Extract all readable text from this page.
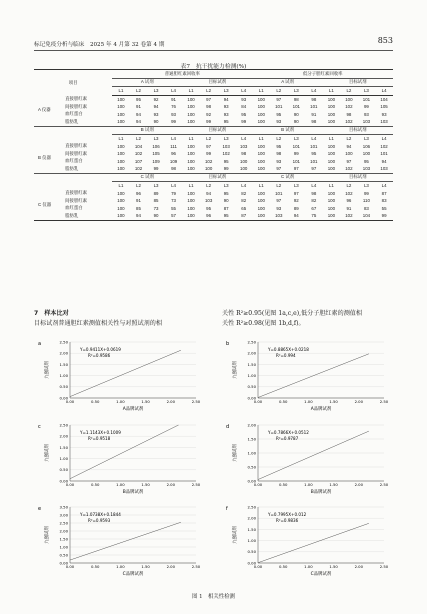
标记免疫分析与临床　2025 年 4 月第 32 卷第 4 期	853
表7　抗干扰能力检测(%)
项目		普通胆红素回收率								低分子胆红素回收率							
		A 试剂				目标试剂				A 试剂				目标试剂			
		L1	L2	L3	L4	L1	L2	L3	L4	L1	L2	L3	L4	L1	L2	L3	L4
A 仪器	直接胆红素	100	95	92	91	100	97	94	93	100	97	98	98	100	100	101	104
	间接胆红素	100	91	94	76	100	98	93	84	100	101	101	101	100	102	99	105
	血红蛋白	100	94	93	93	100	92	93	95	100	95	90	91	100	98	93	93
	脂肪乳	100	94	90	99	100	99	95	99	100	93	90	98	100	102	103	103
		B 试剂				目标试剂				B 试剂				目标试剂			
		L1	L2	L3	L4	L1	L2	L3	L4	L1	L2	L3	L4	L1	L2	L3	L4
B 仪器	直接胆红素	100	104	106	111	100	97	103	103	100	95	101	101	100	94	106	102
	间接胆红素	100	102	105	96	100	99	102	98	100	98	99	95	100	100	100	101
	血红蛋白	100	107	109	109	100	102	95	100	100	93	101	101	100	97	95	94
	脂肪乳	100	102	99	98	100	100	99	100	100	97	97	97	100	102	103	103
		C 试剂				目标试剂				C 试剂				目标试剂			
		L1	L2	L3	L4	L1	L2	L3	L4	L1	L2	L3	L4	L1	L2	L3	L4
C 仪器	直接胆红素	100	96	89	79	100	94	95	82	100	101	97	98	100	102	99	87
	间接胆红素	100	91	85	73	100	103	90	82	100	97	92	82	100	96	110	83
	血红蛋白	100	85	73	55	100	95	87	65	100	93	89	67	100	91	83	55
	脂肪乳	100	94	90	57	100	96	95	87	100	103	94	75	100	102	104	99
7　样本比对
目标试剂普通胆红素测值相关性与对照试剂的相
关性 R²≥0.95(见图 1a,c,e),低分子胆红素的测值相
关性 R²≥0.98(见图 1b,d,f)。
a
0.00
0.50
1.00
1.50
2.00
2.50
0.00	0.50	1.00	1.50	2.00	2.50
A品牌试剂
九强试剂
Y=0.9411X+0.0619
R²=0.9586
b
0.00
0.50
1.00
1.50
2.00
2.50
0.00	0.50	1.00	1.50	2.00	2.50
A品牌试剂
九强试剂
Y=0.8865X+0.0218
R²=0.994
c
0.00
0.50
1.00
1.50
2.00
2.50
0.00	0.50	1.00	1.50	2.00	2.50
B品牌试剂
九强试剂
Y=1.1143X+0.1009
R²=0.9518
d
0.00
0.50
1.00
1.50
2.00
0.00	0.50	1.00	1.50	2.00	2.50
B品牌试剂
九强试剂
Y=0.7866X+0.0512
R²=0.9787
e
0.00
0.50
1.00
1.50
2.00
2.50
3.00
3.50
0.00	0.50	1.00	1.50	2.00	2.50
C品牌试剂
九强试剂
Y=1.0738X+0.1844
R²=0.9593
f
0.00
0.50
1.00
1.50
2.00
2.50
0.00	0.50	1.00	1.50	2.00	2.50
C品牌试剂
九强试剂
Y=0.7995X+0.012
R²=0.9836
图 1　相关性检测
